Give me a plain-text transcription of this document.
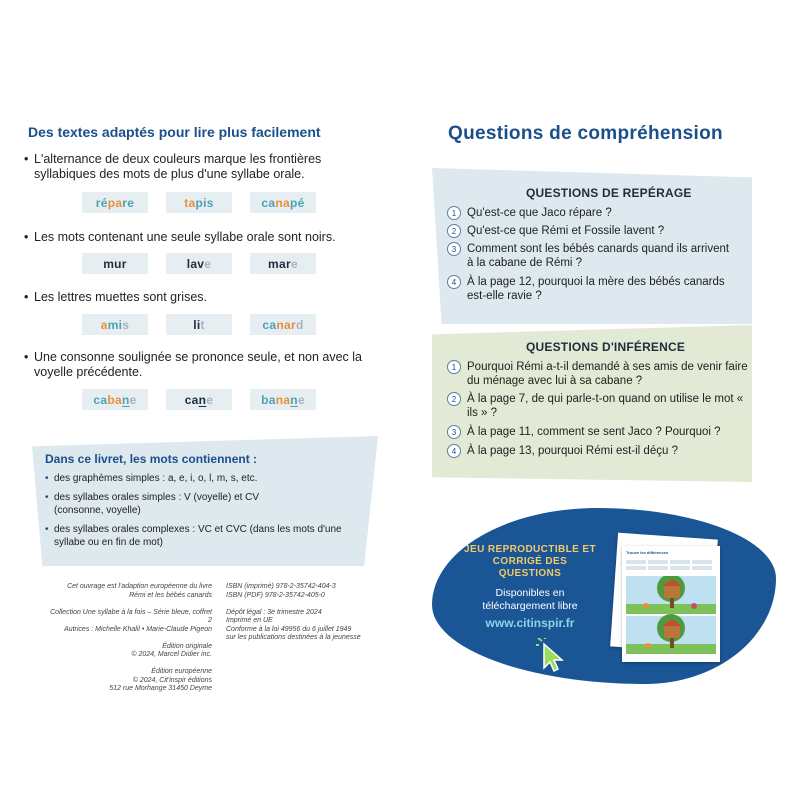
Des textes adaptés pour lire plus facilement
• L'alternance de deux couleurs marque les frontières syllabiques des mots de plus d'une syllabe orale.
ré pa re	ta pis	ca na pé
• Les mots contenant une seule syllabe orale sont noirs.
mur	lav e	mar e
• Les lettres muettes sont grises.
a mi s	li t	ca nar d
• Une consonne soulignée se prononce seule, et non avec la voyelle précédente.
ca ba n e	ca n e	ba na n e
Dans ce livret, les mots contiennent :
• des graphèmes simples : a, e, i, o, l, m, s, etc.
• des syllabes orales simples : V (voyelle) et CV (consonne, voyelle)
• des syllabes orales complexes : VC et CVC (dans les mots d'une syllabe ou en fin de mot)
Cet ouvrage est l'adaption européenne du livre
Rémi et les bébés canards
Collection Une syllabe à la fois – Série bleue, coffret 2
Autrices : Michelle Khalil • Marie-Claude Pigeon
Édition originale
© 2024, Marcel Didier inc.
Édition européenne
© 2024, Cit'inspir éditions
512 rue Morhange 31450 Deyme
ISBN (imprimé) 978-2-35742-404-3
ISBN (PDF) 978-2-35742-405-0
Dépôt légal : 3e trimestre 2024
Imprimé en UE
Conforme à la loi 49956 du 6 juillet 1949
sur les publications destinées à la jeunesse
Questions de compréhension
QUESTIONS DE REPÉRAGE
1 Qu'est-ce que Jaco répare ?
2 Qu'est-ce que Rémi et Fossile lavent ?
3 Comment sont les bébés canards quand ils arrivent à la cabane de Rémi ?
4 À la page 12, pourquoi la mère des bébés canards est-elle ravie ?
QUESTIONS D'INFÉRENCE
1 Pourquoi Rémi a-t-il demandé à ses amis de venir faire du ménage avec lui à sa cabane ?
2 À la page 7, de qui parle-t-on quand on utilise le mot « ils » ?
3 À la page 11, comment se sent Jaco ? Pourquoi ?
4 À la page 13, pourquoi Rémi est-il déçu ?
JEU REPRODUCTIBLE ET CORRIGÉ DES QUESTIONS
Disponibles en téléchargement libre
www.citinspir.fr
Trouve les différences
